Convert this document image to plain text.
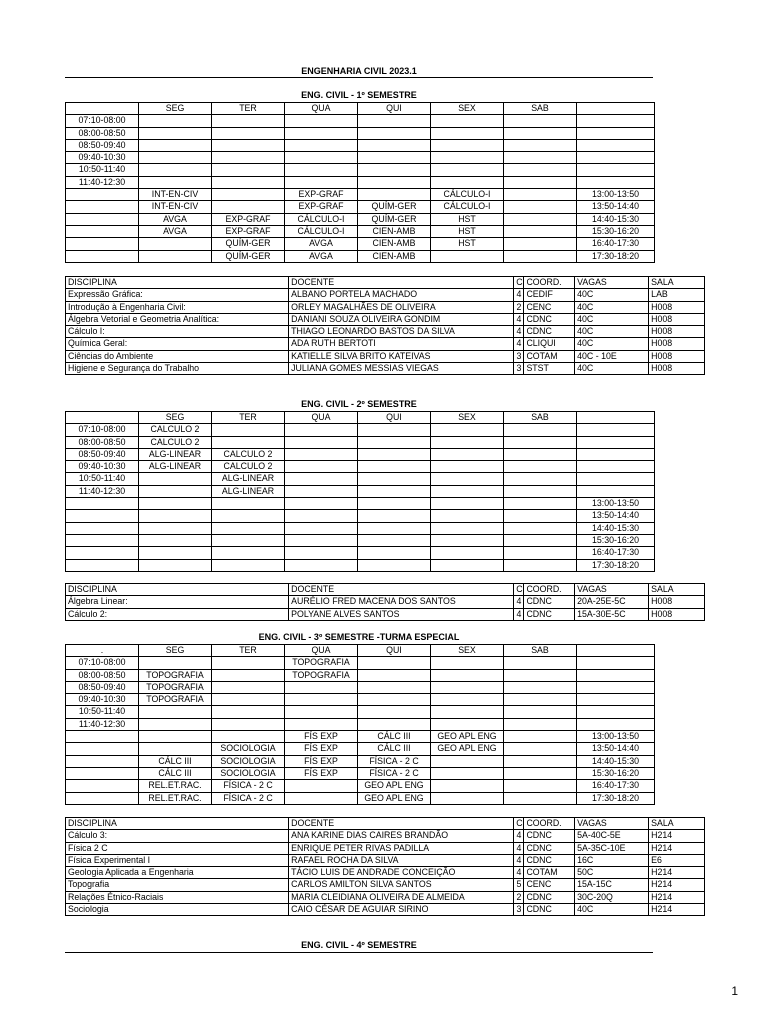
ENGENHARIA CIVIL 2023.1
ENG. CIVIL - 1º SEMESTRE
	SEG	TER	QUA	QUI	SEX	SAB	
07:10-08:00							
08:00-08:50							
08:50-09:40							
09:40-10:30							
10:50-11:40							
11:40-12:30							
	INT-EN-CIV		EXP-GRAF		CÁLCULO-I		13:00-13:50
	INT-EN-CIV		EXP-GRAF	QUÍM-GER	CÁLCULO-I		13:50-14:40
	AVGA	EXP-GRAF	CÁLCULO-I	QUÍM-GER	HST		14:40-15:30
	AVGA	EXP-GRAF	CÁLCULO-I	CIEN-AMB	HST		15:30-16:20
		QUÍM-GER	AVGA	CIEN-AMB	HST		16:40-17:30
		QUÍM-GER	AVGA	CIEN-AMB			17:30-18:20
DISCIPLINA	DOCENTE	C	COORD.	VAGAS	SALA
Expressão Gráfica:	ALBANO PORTELA MACHADO	4	CEDIF	40C	LAB
Introdução à Engenharia Civil:	ORLEY MAGALHÃES DE OLIVEIRA	2	CENC	40C	H008
Álgebra Vetorial e Geometria Analítica:	DANIANI SOUZA OLIVEIRA GONDIM	4	CDNC	40C	H008
Cálculo I:	THIAGO LEONARDO BASTOS DA SILVA	4	CDNC	40C	H008
Química Geral:	ADA RUTH BERTOTI	4	CLIQUI	40C	H008
Ciências do Ambiente	KATIELLE SILVA BRITO KATEIVAS	3	COTAM	40C - 10E	H008
Higiene e Segurança do Trabalho	JULIANA GOMES MESSIAS VIEGAS	3	STST	40C	H008
ENG. CIVIL - 2º SEMESTRE
	SEG	TER	QUA	QUI	SEX	SAB	
07:10-08:00	CALCULO 2						
08:00-08:50	CALCULO 2						
08:50-09:40	ALG-LINEAR	CALCULO 2					
09:40-10:30	ALG-LINEAR	CALCULO 2					
10:50-11:40		ALG-LINEAR					
11:40-12:30		ALG-LINEAR					
							13:00-13:50
							13:50-14:40
							14:40-15:30
							15:30-16:20
							16:40-17:30
							17:30-18:20
DISCIPLINA	DOCENTE	C	COORD.	VAGAS	SALA
Álgebra Linear:	AURÉLIO FRED MACENA DOS SANTOS	4	CDNC	20A-25E-5C	H008
Cálculo 2:	POLYANE ALVES SANTOS	4	CDNC	15A-30E-5C	H008
ENG. CIVIL - 3º SEMESTRE -TURMA ESPECIAL
.	SEG	TER	QUA	QUI	SEX	SAB	
07:10-08:00			TOPOGRAFIA				
08:00-08:50	TOPOGRAFIA		TOPOGRAFIA				
08:50-09:40	TOPOGRAFIA						
09:40-10:30	TOPOGRAFIA						
10:50-11:40							
11:40-12:30							
			FÍS EXP	CÁLC III	GEO APL ENG		13:00-13:50
		SOCIOLOGIA	FÍS EXP	CÁLC III	GEO APL ENG		13:50-14:40
	CÁLC III	SOCIOLOGIA	FÍS EXP	FÍSICA - 2 C			14:40-15:30
	CÁLC III	SOCIOLOGIA	FÍS EXP	FÍSICA - 2 C			15:30-16:20
	REL.ET.RAC.	FÍSICA - 2 C		GEO APL ENG			16:40-17:30
	REL.ET.RAC.	FÍSICA - 2 C		GEO APL ENG			17:30-18:20
DISCIPLINA	DOCENTE	C	COORD.	VAGAS	SALA
Cálculo 3:	ANA KARINE DIAS CAIRES BRANDÃO	4	CDNC	5A-40C-5E	H214
Física 2 C	ENRIQUE PETER RIVAS PADILLA	4	CDNC	5A-35C-10E	H214
Física Experimental I	RAFAEL ROCHA DA SILVA	4	CDNC	16C	E6
Geologia Aplicada a Engenharia	TÁCIO LUIS DE ANDRADE CONCEIÇÃO	4	COTAM	50C	H214
Topografia	CARLOS AMILTON SILVA SANTOS	5	CENC	15A-15C	H214
Relações Étnico-Raciais	MARIA CLEIDIANA OLIVEIRA DE ALMEIDA	2	CDNC	30C-20Q	H214
Sociologia	CAIO CÉSAR DE AGUIAR SIRINO	3	CDNC	40C	H214
ENG. CIVIL - 4º SEMESTRE
1
